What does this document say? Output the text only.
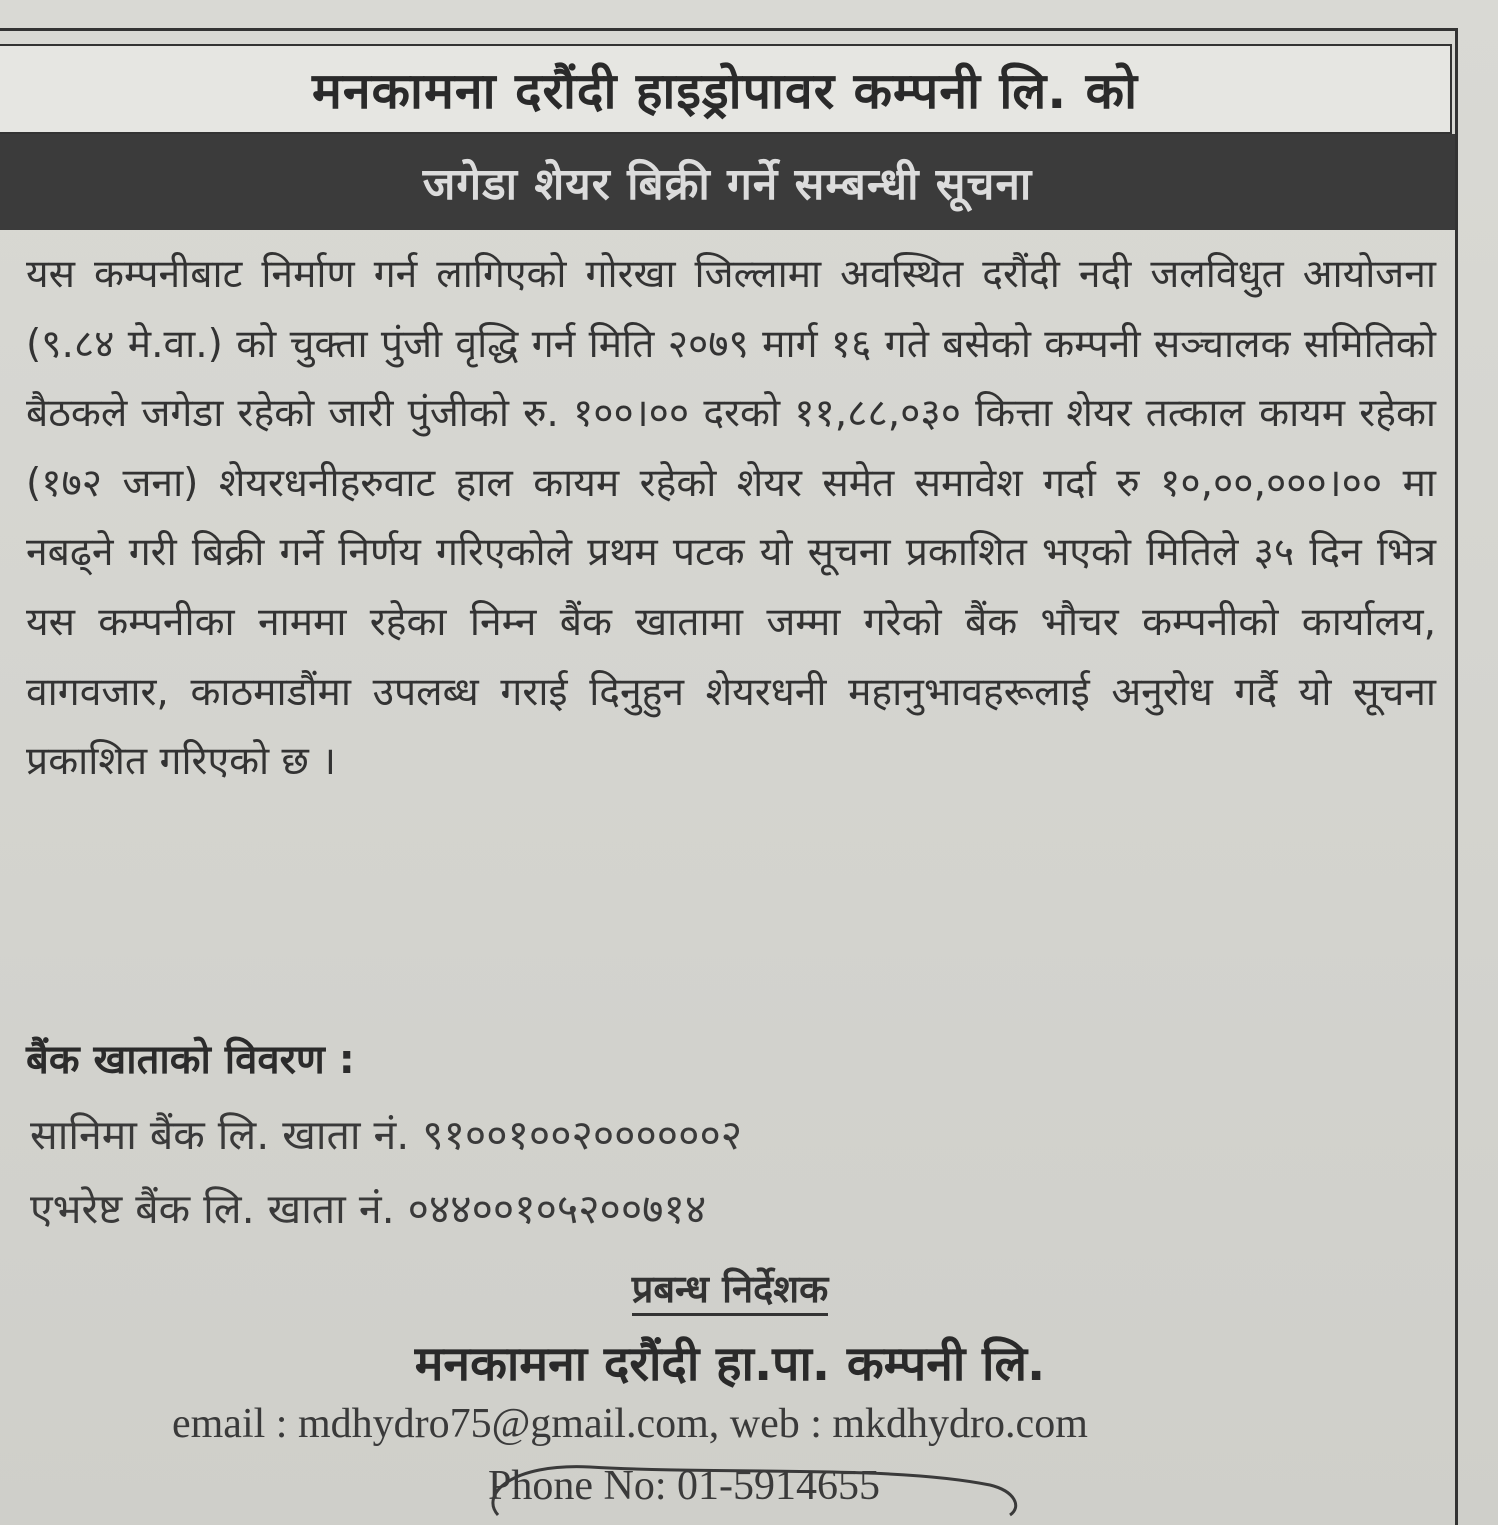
मनकामना दरौंदी हाइड्रोपावर कम्पनी लि. को
जगेडा शेयर बिक्री गर्ने सम्बन्धी सूचना
यस कम्पनीबाट निर्माण गर्न लागिएको गोरखा जिल्लामा अवस्थित दरौंदी नदी जलविधुत आयोजना (९.८४ मे.वा.) को चुक्ता पुंजी वृद्धि गर्न मिति २०७९ मार्ग १६ गते बसेको कम्पनी सञ्चालक समितिको बैठकले जगेडा रहेको जारी पुंजीको रु. १००।०० दरको ११,८८,०३० कित्ता शेयर तत्काल कायम रहेका (१७२ जना) शेयरधनीहरुवाट हाल कायम रहेको शेयर समेत समावेश गर्दा रु १०,००,०००।०० मा नबढ्ने गरी बिक्री गर्ने निर्णय गरिएकोले प्रथम पटक यो सूचना प्रकाशित भएको मितिले ३५ दिन भित्र यस कम्पनीका नाममा रहेका निम्न बैंक खातामा जम्मा गरेको बैंक भौचर कम्पनीको कार्यालय, वागवजार, काठमाडौंमा उपलब्ध गराई दिनुहुन शेयरधनी महानुभावहरूलाई अनुरोध गर्दै यो सूचना प्रकाशित गरिएको छ ।
बैंक खाताको विवरण :
सानिमा बैंक लि. खाता नं. ९१००१००२००००००२
एभरेष्ट बैंक लि. खाता नं. ०४४००१०५२००७१४
प्रबन्ध निर्देशक
मनकामना दरौंदी हा.पा. कम्पनी लि.
email : mdhydro75@gmail.com, web : mkdhydro.com
Phone No: 01-5914655
